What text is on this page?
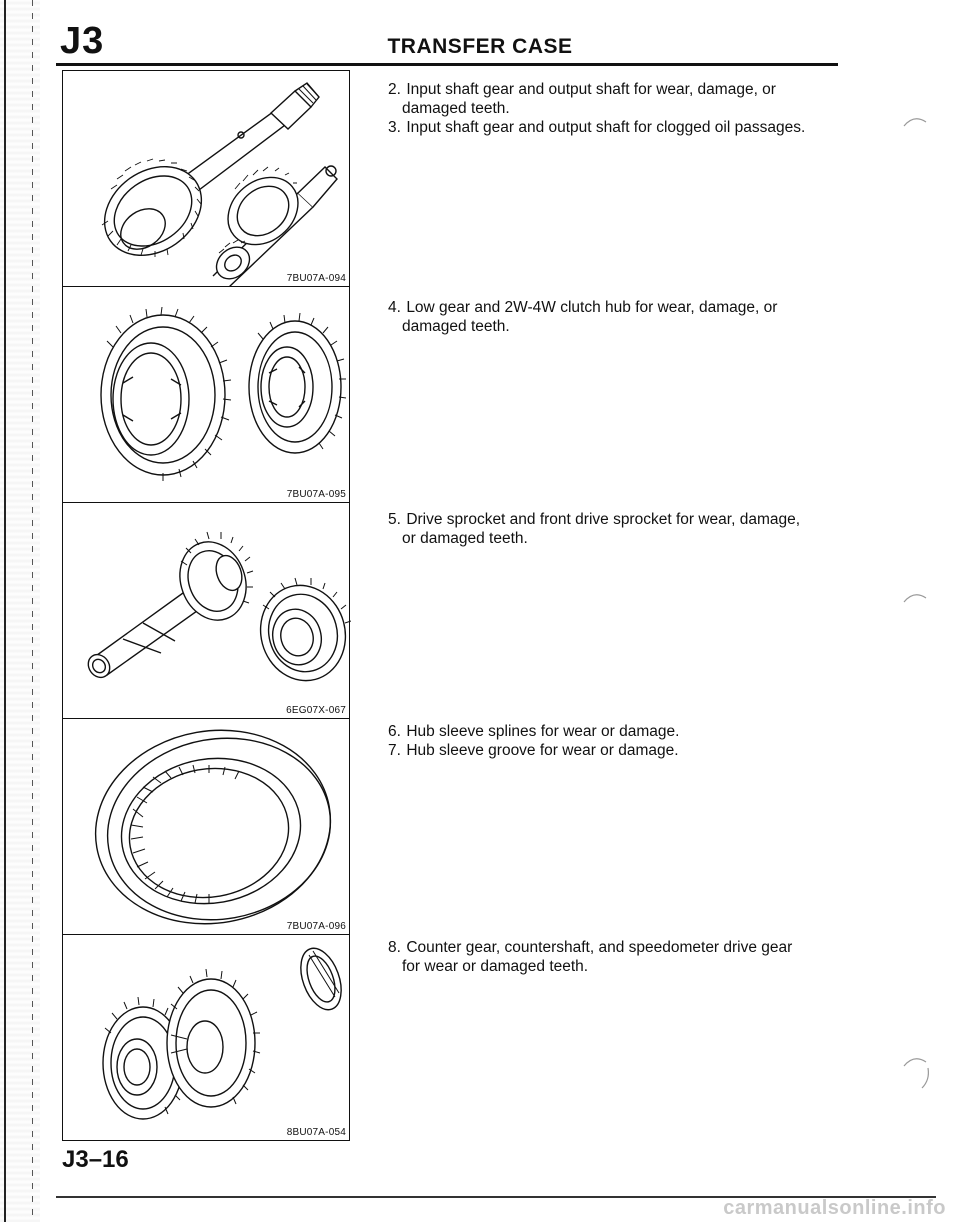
J3	TRANSFER CASE
7BU07A-094
7BU07A-095
6EG07X-067
7BU07A-096
8BU07A-054
2. Input shaft gear and output shaft for wear, damage, or
damaged teeth.
3. Input shaft gear and output shaft for clogged oil passages.
4. Low gear and 2W-4W clutch hub for wear, damage, or
damaged teeth.
5. Drive sprocket and front drive sprocket for wear, damage,
or damaged teeth.
6. Hub sleeve splines for wear or damage.
7. Hub sleeve groove for wear or damage.
8. Counter gear, countershaft, and speedometer drive gear
for wear or damaged teeth.
J3–16
carmanualsonline.info
